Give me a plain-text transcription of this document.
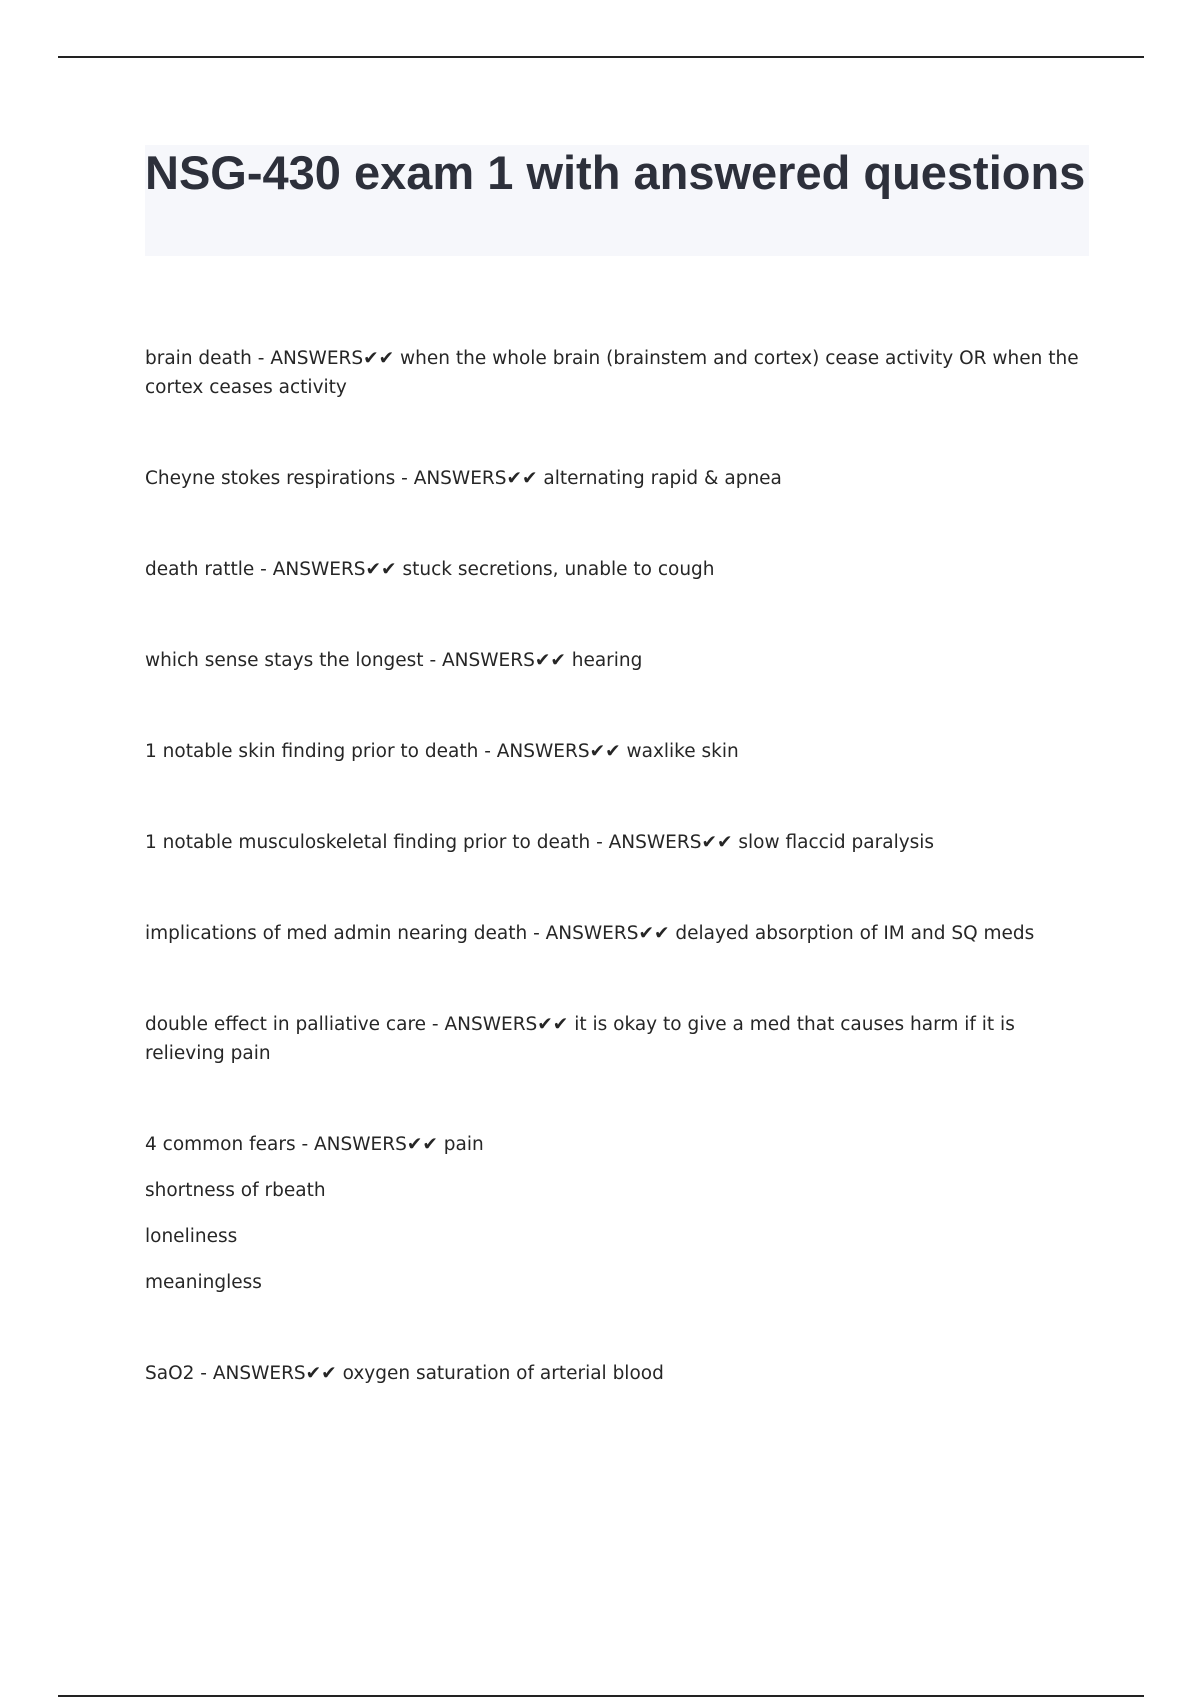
NSG-430 exam 1 with answered questions
brain death - ANSWERS✔✔ when the whole brain (brainstem and cortex) cease activity OR when the cortex ceases activity
Cheyne stokes respirations - ANSWERS✔✔ alternating rapid & apnea
death rattle - ANSWERS✔✔ stuck secretions, unable to cough
which sense stays the longest - ANSWERS✔✔ hearing
1 notable skin finding prior to death - ANSWERS✔✔ waxlike skin
1 notable musculoskeletal finding prior to death - ANSWERS✔✔ slow flaccid paralysis
implications of med admin nearing death - ANSWERS✔✔ delayed absorption of IM and SQ meds
double effect in palliative care - ANSWERS✔✔ it is okay to give a med that causes harm if it is relieving pain
4 common fears - ANSWERS✔✔ pain
shortness of rbeath
loneliness
meaningless
SaO2 - ANSWERS✔✔ oxygen saturation of arterial blood
